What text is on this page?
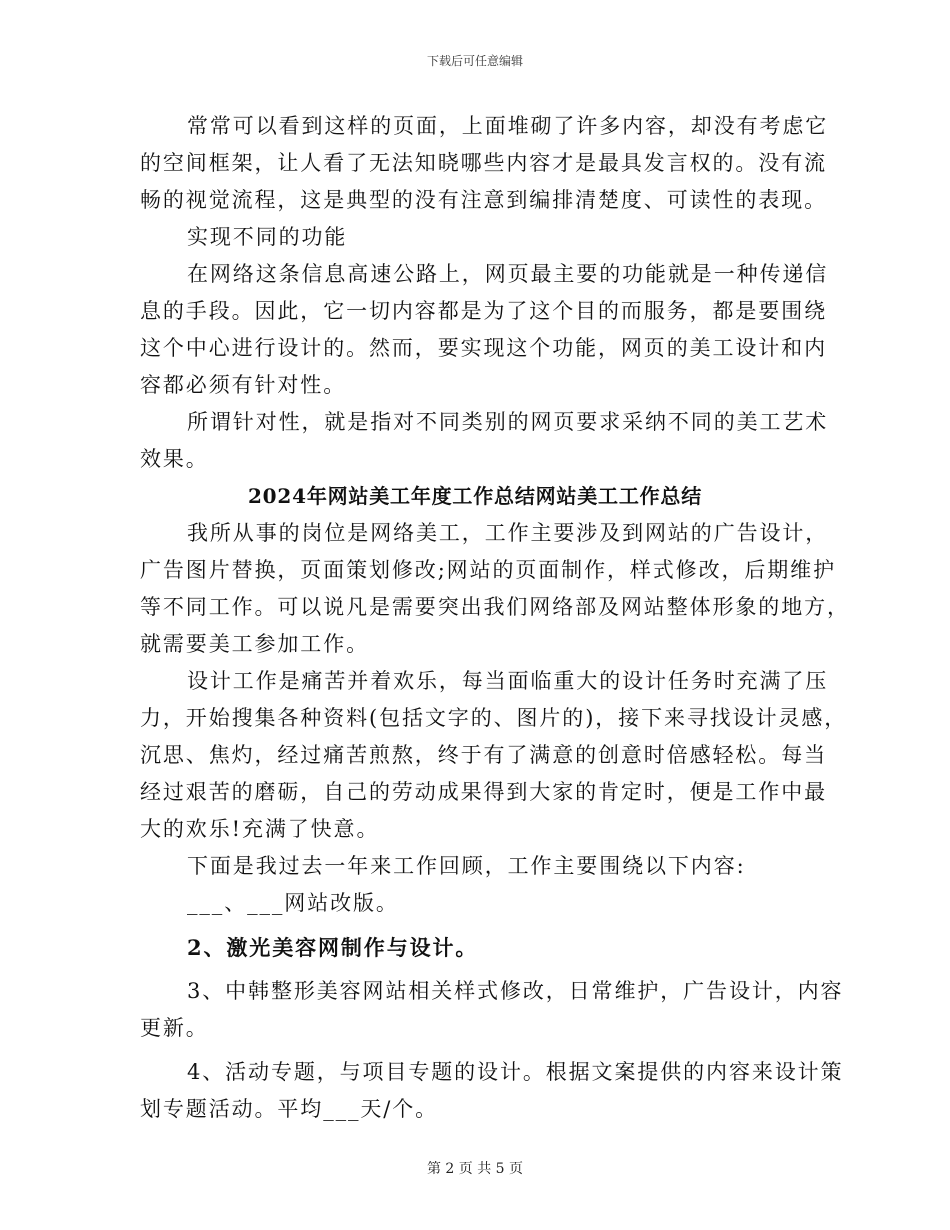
下载后可任意编辑
常常可以看到这样的页面，上面堆砌了许多内容，却没有考虑它
的空间框架，让人看了无法知晓哪些内容才是最具发言权的。没有流
畅的视觉流程，这是典型的没有注意到编排清楚度、可读性的表现。
实现不同的功能
在网络这条信息高速公路上，网页最主要的功能就是一种传递信
息的手段。因此，它一切内容都是为了这个目的而服务，都是要围绕
这个中心进行设计的。然而，要实现这个功能，网页的美工设计和内
容都必须有针对性。
所谓针对性，就是指对不同类别的网页要求采纳不同的美工艺术
效果。
2024年网站美工年度工作总结网站美工工作总结
我所从事的岗位是网络美工，工作主要涉及到网站的广告设计，
广告图片替换，页面策划修改;网站的页面制作，样式修改，后期维护
等不同工作。可以说凡是需要突出我们网络部及网站整体形象的地方，
就需要美工参加工作。
设计工作是痛苦并着欢乐，每当面临重大的设计任务时充满了压
力，开始搜集各种资料(包括文字的、图片的)，接下来寻找设计灵感，
沉思、焦灼，经过痛苦煎熬，终于有了满意的创意时倍感轻松。每当
经过艰苦的磨砺，自己的劳动成果得到大家的肯定时，便是工作中最
大的欢乐!充满了快意。
下面是我过去一年来工作回顾，工作主要围绕以下内容:
___、___网站改版。
2、激光美容网制作与设计。
3、中韩整形美容网站相关样式修改，日常维护，广告设计，内容
更新。
4、活动专题，与项目专题的设计。根据文案提供的内容来设计策
划专题活动。平均___天/个。
第 2 页 共 5 页
